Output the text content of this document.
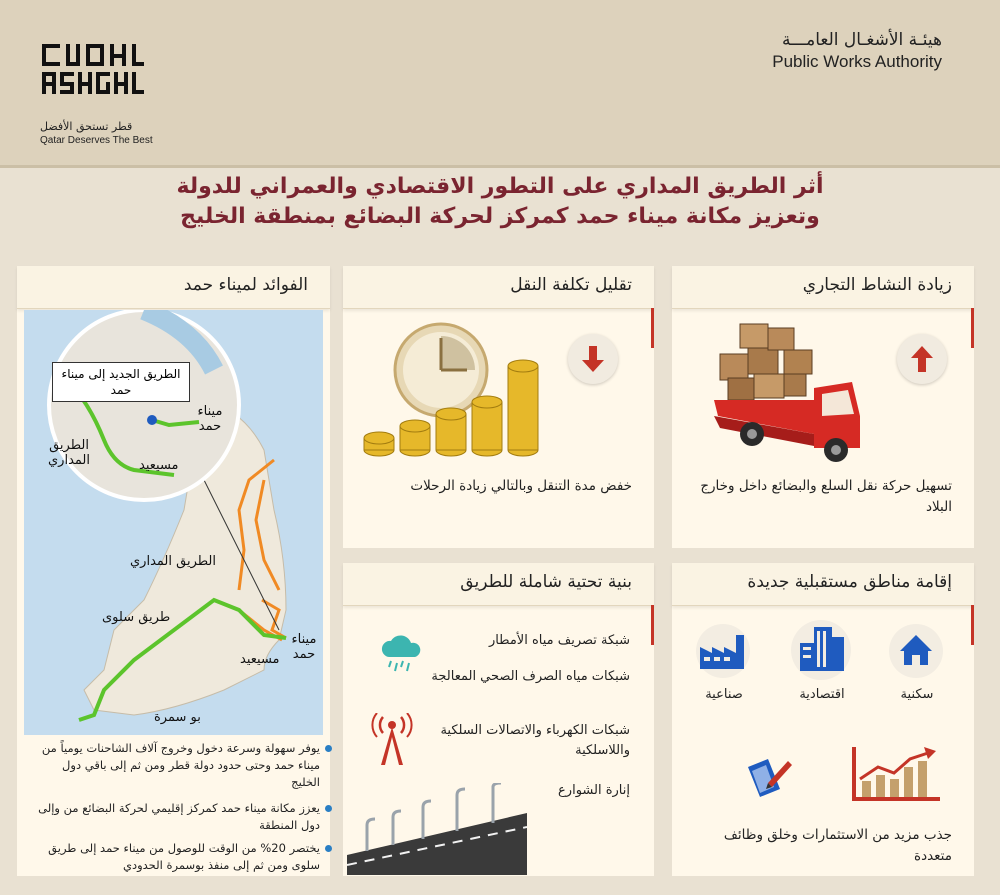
قطر تستحق الأفضل
Qatar Deserves The Best
هيئـة الأشغـال العامـــة
Public Works Authority
أثر الطريق المداري على التطور الاقتصادي والعمراني للدولة
وتعزيز مكانة ميناء حمد كمركز لحركة البضائع بمنطقة الخليج
زيادة النشاط التجاري
تسهيل حركة نقل السلع والبضائع داخل وخارج البلاد
تقليل تكلفة النقل
خفض مدة التنقل وبالتالي زيادة الرحلات
إقامة مناطق مستقبلية جديدة
سكنية
اقتصادية
صناعية
جذب مزيد من الاستثمارات وخلق وظائف متعددة
بنية تحتية شاملة للطريق
شبكة تصريف مياه الأمطار
شبكات مياه الصرف الصحي المعالجة
شبكات الكهرباء والاتصالات السلكية واللاسلكية
إنارة الشوارع
الفوائد لميناء حمد
الطريق الجديد إلى ميناء حمد
ميناء حمد
الطريق المداري	مسيعيد
الطريق المداري
طريق سلوى
ميناء حمد
مسيعيد
بو سمرة
يوفر سهولة وسرعة دخول وخروج آلاف الشاحنات يومياً من ميناء حمد وحتى حدود دولة قطر ومن ثم إلى باقي دول الخليج
يعزز مكانة ميناء حمد كمركز إقليمي لحركة البضائع من وإلى دول المنطقة
يختصر 20% من الوقت للوصول من ميناء حمد إلى طريق سلوى ومن ثم إلى منفذ بوسمرة الحدودي
